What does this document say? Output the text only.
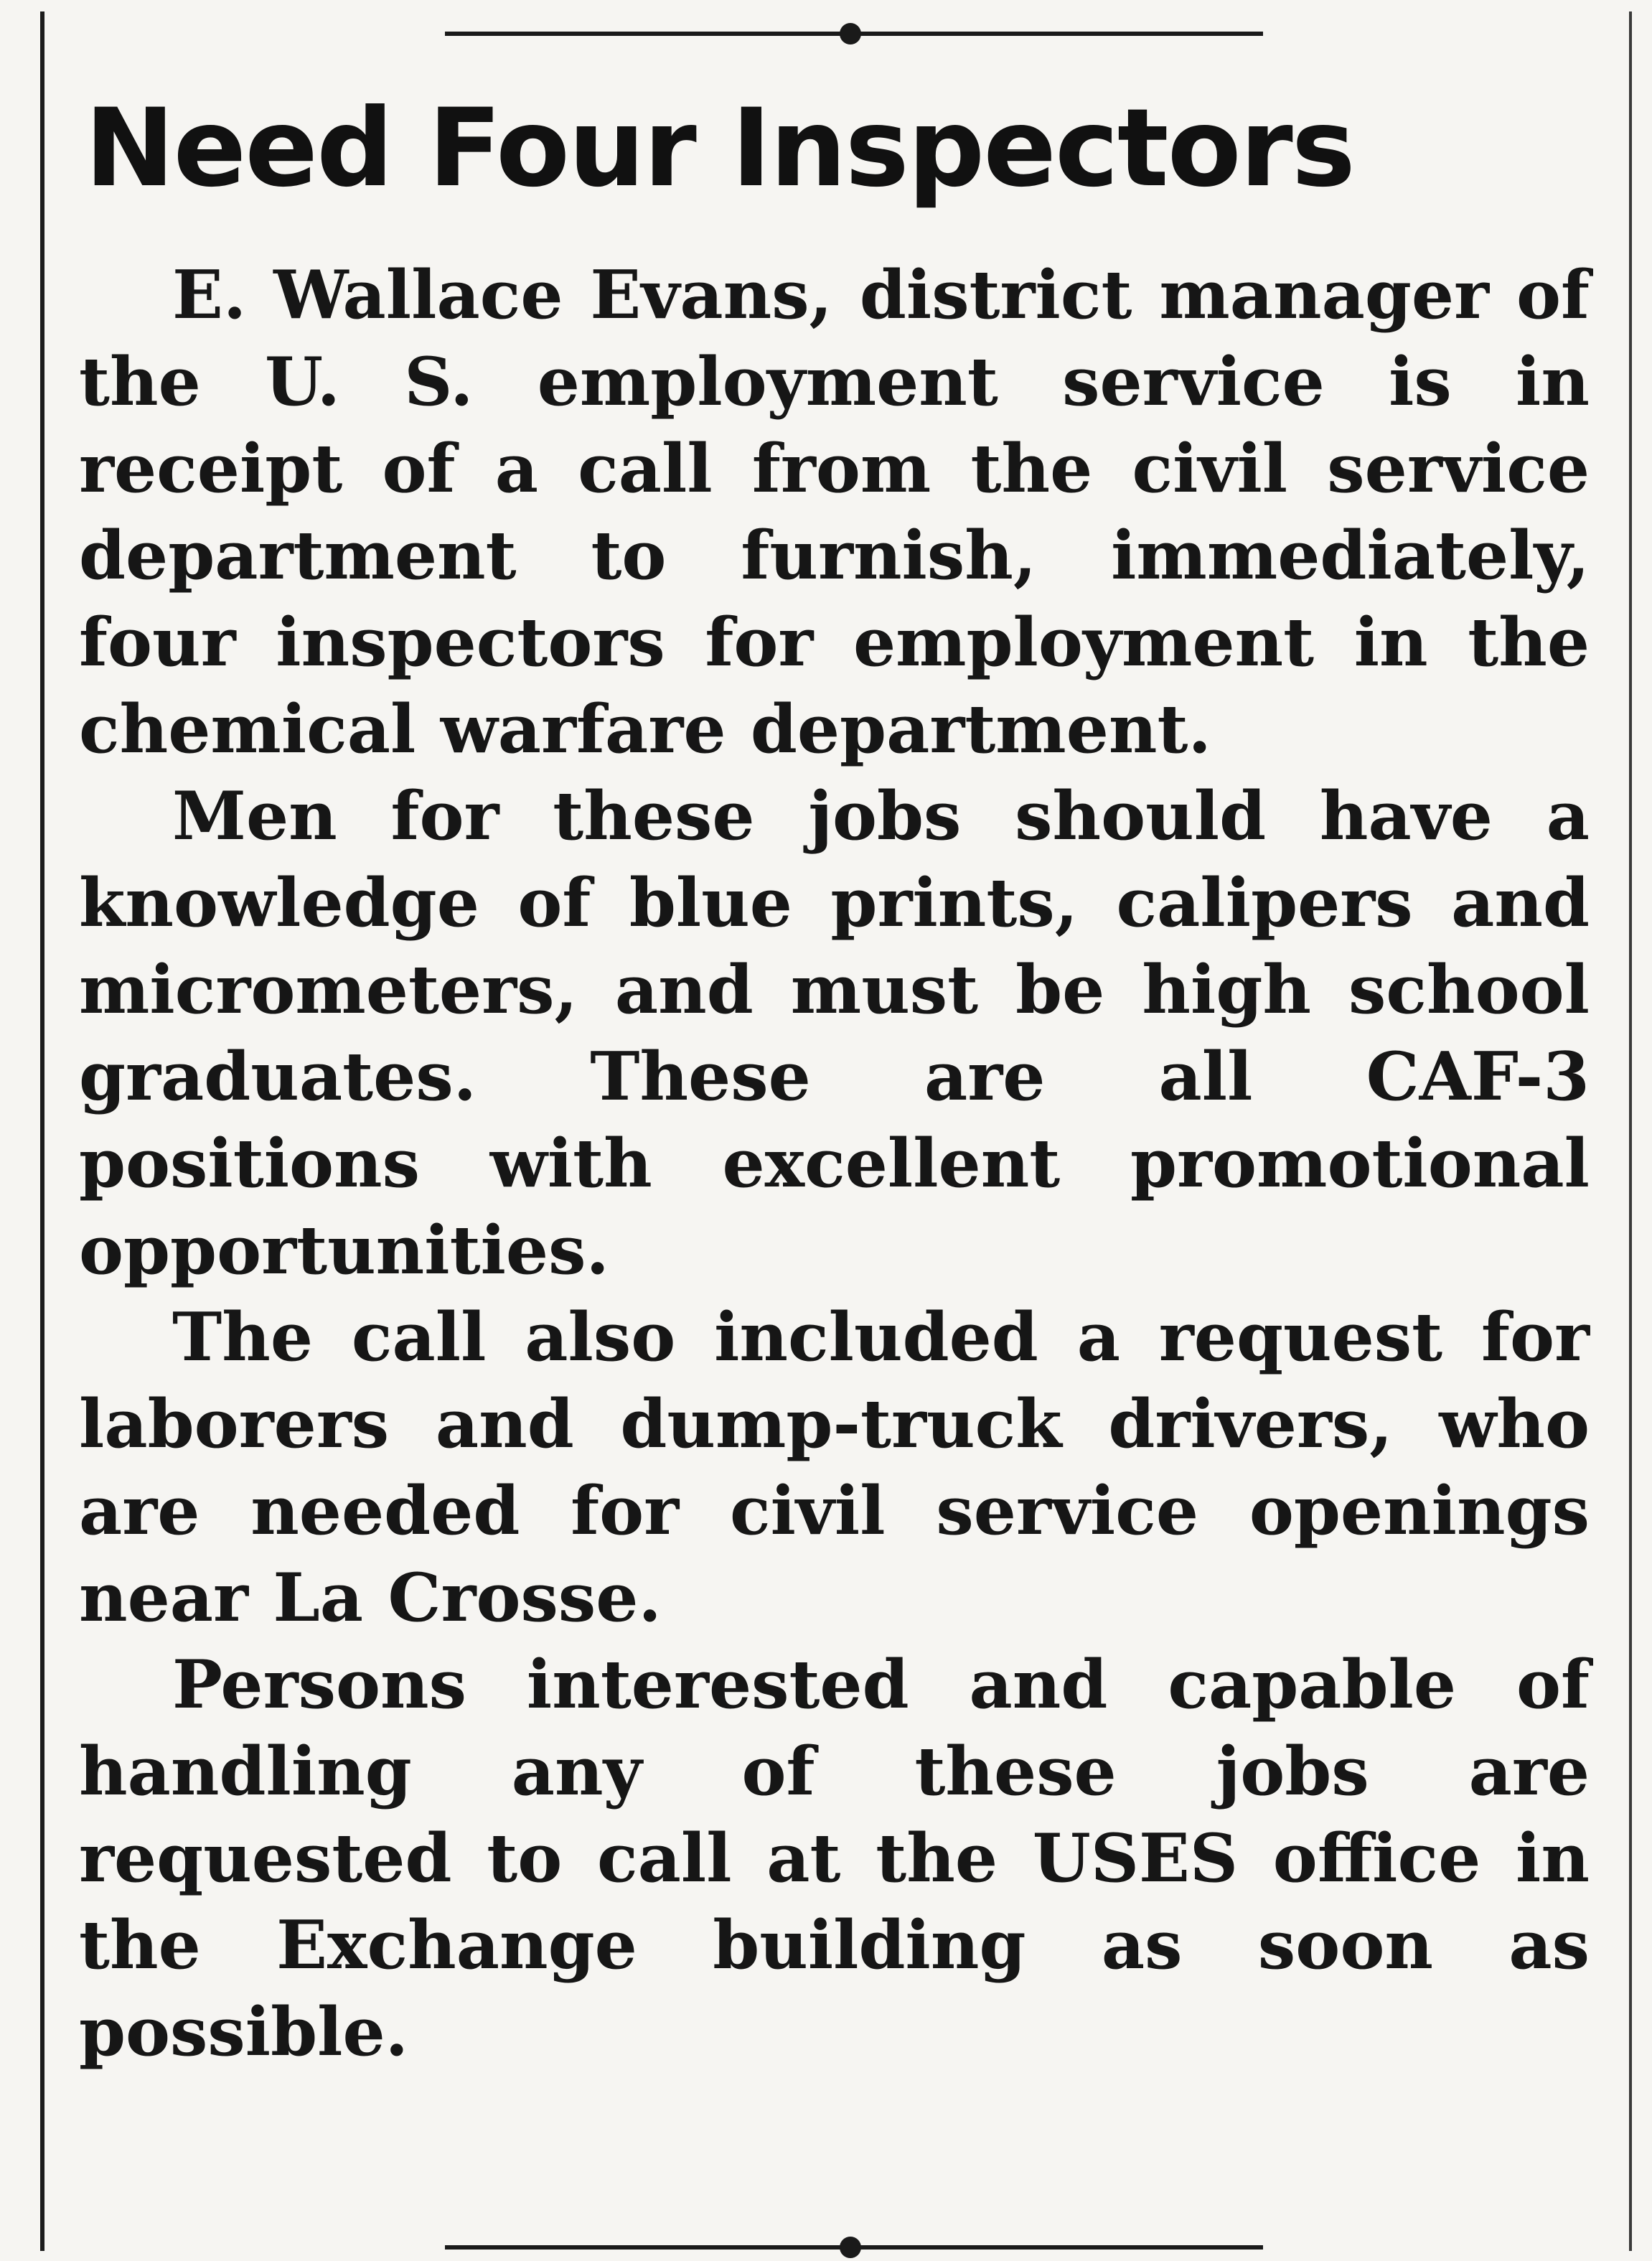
Need Four Inspectors

E. Wallace Evans, district manager of the U. S. employment service is in receipt of a call from the civil service department to furnish, immediately, four inspectors for employment in the chemical warfare department.

Men for these jobs should have a knowledge of blue prints, calipers and micrometers, and must be high school graduates. These are all CAF-3 positions with excellent promotional opportunities.

The call also included a request for laborers and dump-truck drivers, who are needed for civil service openings near La Crosse.

Persons interested and capable of handling any of these jobs are requested to call at the USES office in the Exchange building as soon as possible.
